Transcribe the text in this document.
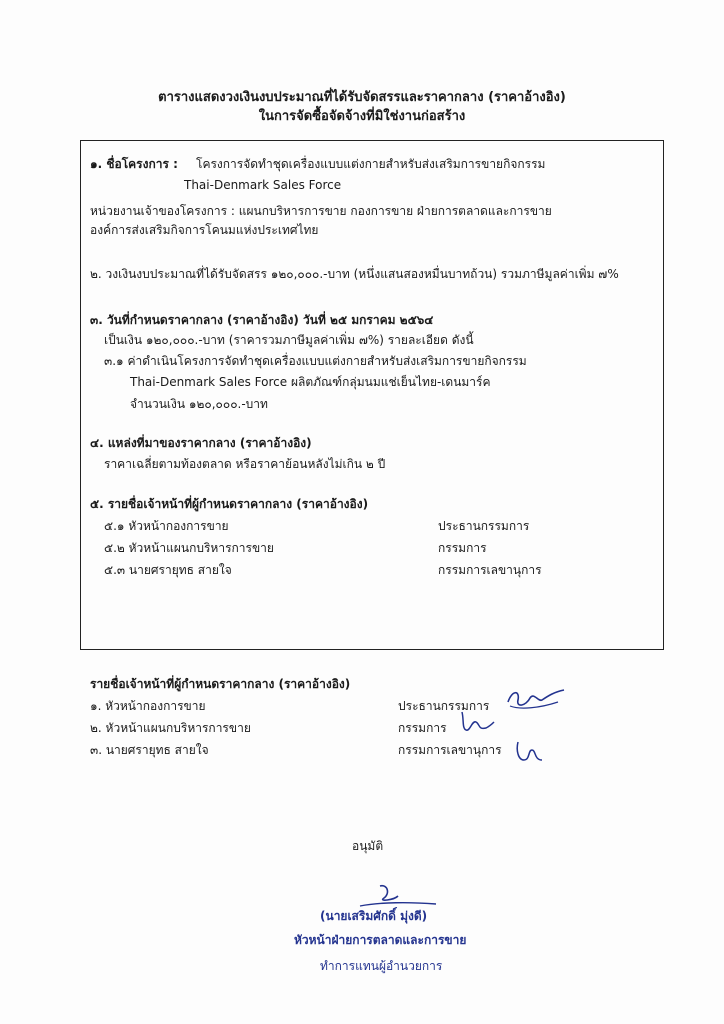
ตารางแสดงวงเงินงบประมาณที่ได้รับจัดสรรและราคากลาง (ราคาอ้างอิง)
ในการจัดซื้อจัดจ้างที่มิใช่งานก่อสร้าง
๑. ชื่อโครงการ : โครงการจัดทำชุดเครื่องแบบแต่งกายสำหรับส่งเสริมการขายกิจกรรม
Thai-Denmark Sales Force
หน่วยงานเจ้าของโครงการ : แผนกบริหารการขาย กองการขาย ฝ่ายการตลาดและการขาย
องค์การส่งเสริมกิจการโคนมแห่งประเทศไทย
๒. วงเงินงบประมาณที่ได้รับจัดสรร ๑๒๐,๐๐๐.-บาท (หนึ่งแสนสองหมื่นบาทถ้วน) รวมภาษีมูลค่าเพิ่ม ๗%
๓. วันที่กำหนดราคากลาง (ราคาอ้างอิง) วันที่ ๒๕ มกราคม ๒๕๖๔
เป็นเงิน ๑๒๐,๐๐๐.-บาท (ราคารวมภาษีมูลค่าเพิ่ม ๗%) รายละเอียด ดังนี้
๓.๑ ค่าดำเนินโครงการจัดทำชุดเครื่องแบบแต่งกายสำหรับส่งเสริมการขายกิจกรรม
Thai-Denmark Sales Force ผลิตภัณฑ์กลุ่มนมแช่เย็นไทย-เดนมาร์ค
จำนวนเงิน ๑๒๐,๐๐๐.-บาท
๔. แหล่งที่มาของราคากลาง (ราคาอ้างอิง)
ราคาเฉลี่ยตามท้องตลาด หรือราคาย้อนหลังไม่เกิน ๒ ปี
๕. รายชื่อเจ้าหน้าที่ผู้กำหนดราคากลาง (ราคาอ้างอิง)
๕.๑ หัวหน้ากองการขาย	ประธานกรรมการ
๕.๒ หัวหน้าแผนกบริหารการขาย	กรรมการ
๕.๓ นายศรายุทธ สายใจ	กรรมการเลขานุการ
รายชื่อเจ้าหน้าที่ผู้กำหนดราคากลาง (ราคาอ้างอิง)
๑. หัวหน้ากองการขาย	ประธานกรรมการ
๒. หัวหน้าแผนกบริหารการขาย	กรรมการ
๓. นายศรายุทธ สายใจ	กรรมการเลขานุการ
อนุมัติ
(นายเสริมศักดิ์ มุ่งดี)
หัวหน้าฝ่ายการตลาดและการขาย
ทำการแทนผู้อำนวยการ
